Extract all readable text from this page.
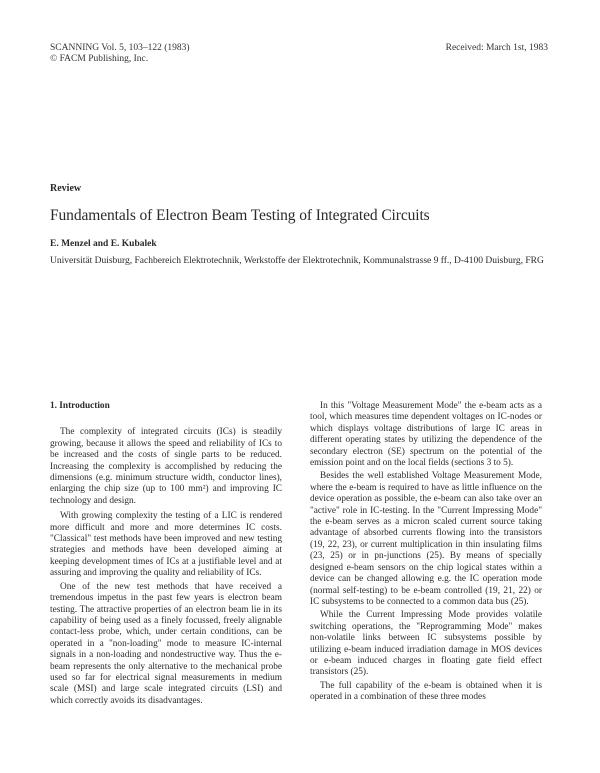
SCANNING Vol. 5, 103–122 (1983)
© FACM Publishing, Inc.
Received: March 1st, 1983
Review
Fundamentals of Electron Beam Testing of Integrated Circuits
E. Menzel and E. Kubalek
Universität Duisburg, Fachbereich Elektrotechnik, Werkstoffe der Elektrotechnik, Kommunalstrasse 9 ff., D-4100 Duisburg, FRG
1. Introduction

The complexity of integrated circuits (ICs) is steadily growing, because it allows the speed and reliability of ICs to be increased and the costs of single parts to be reduced. Increasing the complexity is accomplished by reducing the dimensions (e.g. minimum structure width, conductor lines), enlarging the chip size (up to 100 mm²) and improving IC technology and design.

With growing complexity the testing of a LIC is rendered more difficult and more and more determines IC costs. "Classical" test methods have been improved and new testing strategies and methods have been developed aiming at keeping development times of ICs at a justifiable level and at assuring and improving the quality and reliability of ICs.

One of the new test methods that have received a tremendous impetus in the past few years is electron beam testing. The attractive properties of an electron beam lie in its capability of being used as a finely focussed, freely alignable contact-less probe, which, under certain conditions, can be operated in a "non-loading" mode to measure IC-internal signals in a non-loading and nondestructive way. Thus the e-beam represents the only alternative to the mechanical probe used so far for electrical signal measurements in medium scale (MSI) and large scale integrated circuits (LSI) and which correctly avoids its disadvantages.

In this "Voltage Measurement Mode" the e-beam acts as a tool, which measures time dependent voltages on IC-nodes or which displays voltage distributions of large IC areas in different operating states by utilizing the dependence of the secondary electron (SE) spectrum on the potential of the emission point and on the local fields (sections 3 to 5).

Besides the well established Voltage Measurement Mode, where the e-beam is required to have as little influence on the device operation as possible, the e-beam can also take over an "active" role in IC-testing. In the "Current Impressing Mode" the e-beam serves as a micron scaled current source taking advantage of absorbed currents flowing into the transistors (19, 22, 23), or current multiplication in thin insulating films (23, 25) or in pn-junctions (25). By means of specially designed e-beam sensors on the chip logical states within a device can be changed allowing e.g. the IC operation mode (normal self-testing) to be e-beam controlled (19, 21, 22) or IC subsystems to be connected to a common data bus (25).

While the Current Impressing Mode provides volatile switching operations, the "Reprogramming Mode" makes non-volatile links between IC subsystems possible by utilizing e-beam induced irradiation damage in MOS devices or e-beam induced charges in floating gate field effect transistors (25).

The full capability of the e-beam is obtained when it is operated in a combination of these three modes
